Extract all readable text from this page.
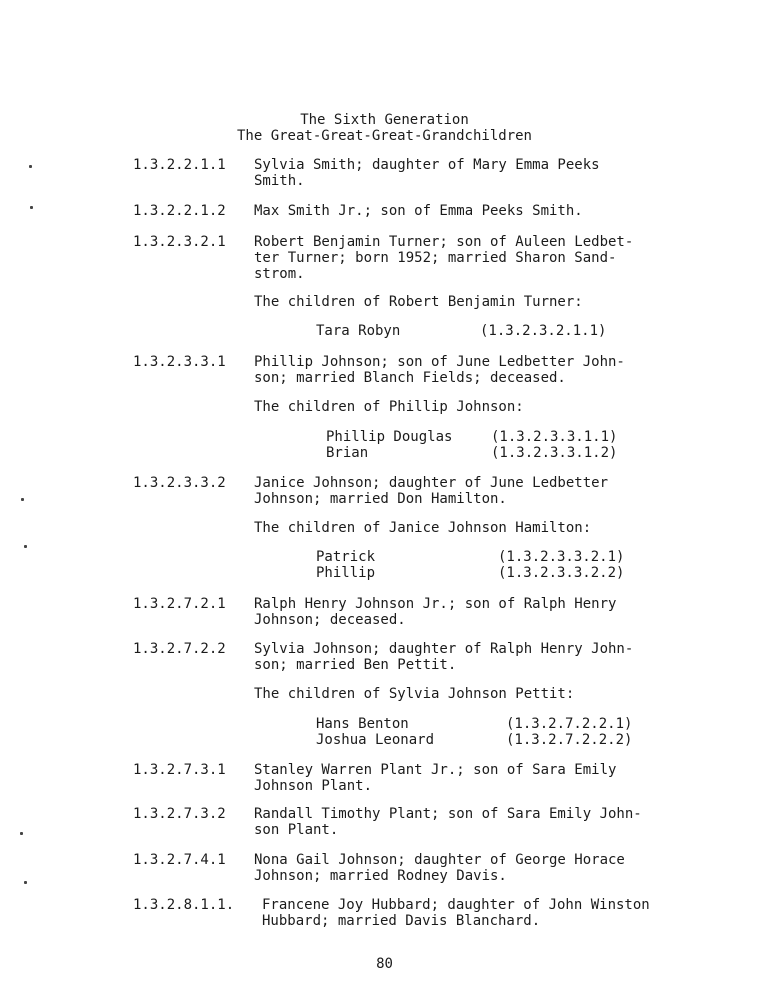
The Sixth Generation
The Great-Great-Great-Grandchildren
1.3.2.2.1.1 Sylvia Smith; daughter of Mary Emma Peeks
Smith.
1.3.2.2.1.2 Max Smith Jr.; son of Emma Peeks Smith.
1.3.2.3.2.1 Robert Benjamin Turner; son of Auleen Ledbet-
ter Turner; born 1952; married Sharon Sand-
strom.
The children of Robert Benjamin Turner:
Tara Robyn	(1.3.2.3.2.1.1)
1.3.2.3.3.1 Phillip Johnson; son of June Ledbetter John-
son; married Blanch Fields; deceased.
The children of Phillip Johnson:
Phillip Douglas	(1.3.2.3.3.1.1)
Brian	(1.3.2.3.3.1.2)
1.3.2.3.3.2 Janice Johnson; daughter of June Ledbetter
Johnson; married Don Hamilton.
The children of Janice Johnson Hamilton:
Patrick	(1.3.2.3.3.2.1)
Phillip	(1.3.2.3.3.2.2)
1.3.2.7.2.1 Ralph Henry Johnson Jr.; son of Ralph Henry
Johnson; deceased.
1.3.2.7.2.2 Sylvia Johnson; daughter of Ralph Henry John-
son; married Ben Pettit.
The children of Sylvia Johnson Pettit:
Hans Benton	(1.3.2.7.2.2.1)
Joshua Leonard	(1.3.2.7.2.2.2)
1.3.2.7.3.1 Stanley Warren Plant Jr.; son of Sara Emily
Johnson Plant.
1.3.2.7.3.2 Randall Timothy Plant; son of Sara Emily John-
son Plant.
1.3.2.7.4.1 Nona Gail Johnson; daughter of George Horace
Johnson; married Rodney Davis.
1.3.2.8.1.1. Francene Joy Hubbard; daughter of John Winston
Hubbard; married Davis Blanchard.
80
